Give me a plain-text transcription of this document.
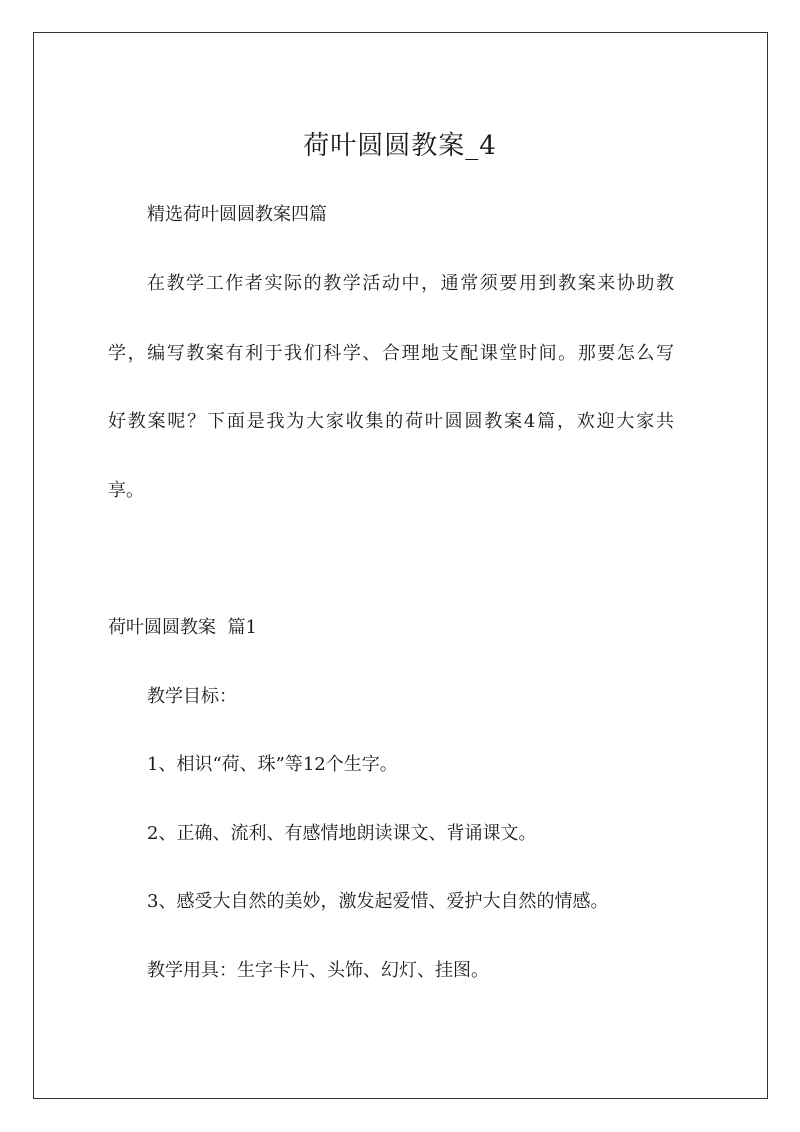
荷叶圆圆教案_4
精选荷叶圆圆教案四篇
在教学工作者实际的教学活动中，通常须要用到教案来协助教
学，编写教案有利于我们科学、合理地支配课堂时间。那要怎么写
好教案呢？下面是我为大家收集的荷叶圆圆教案4篇，欢迎大家共
享。
荷叶圆圆教案  篇1
教学目标：
1、相识“荷、珠”等12个生字。
2、正确、流利、有感情地朗读课文、背诵课文。
3、感受大自然的美妙，激发起爱惜、爱护大自然的情感。
教学用具：生字卡片、头饰、幻灯、挂图。
